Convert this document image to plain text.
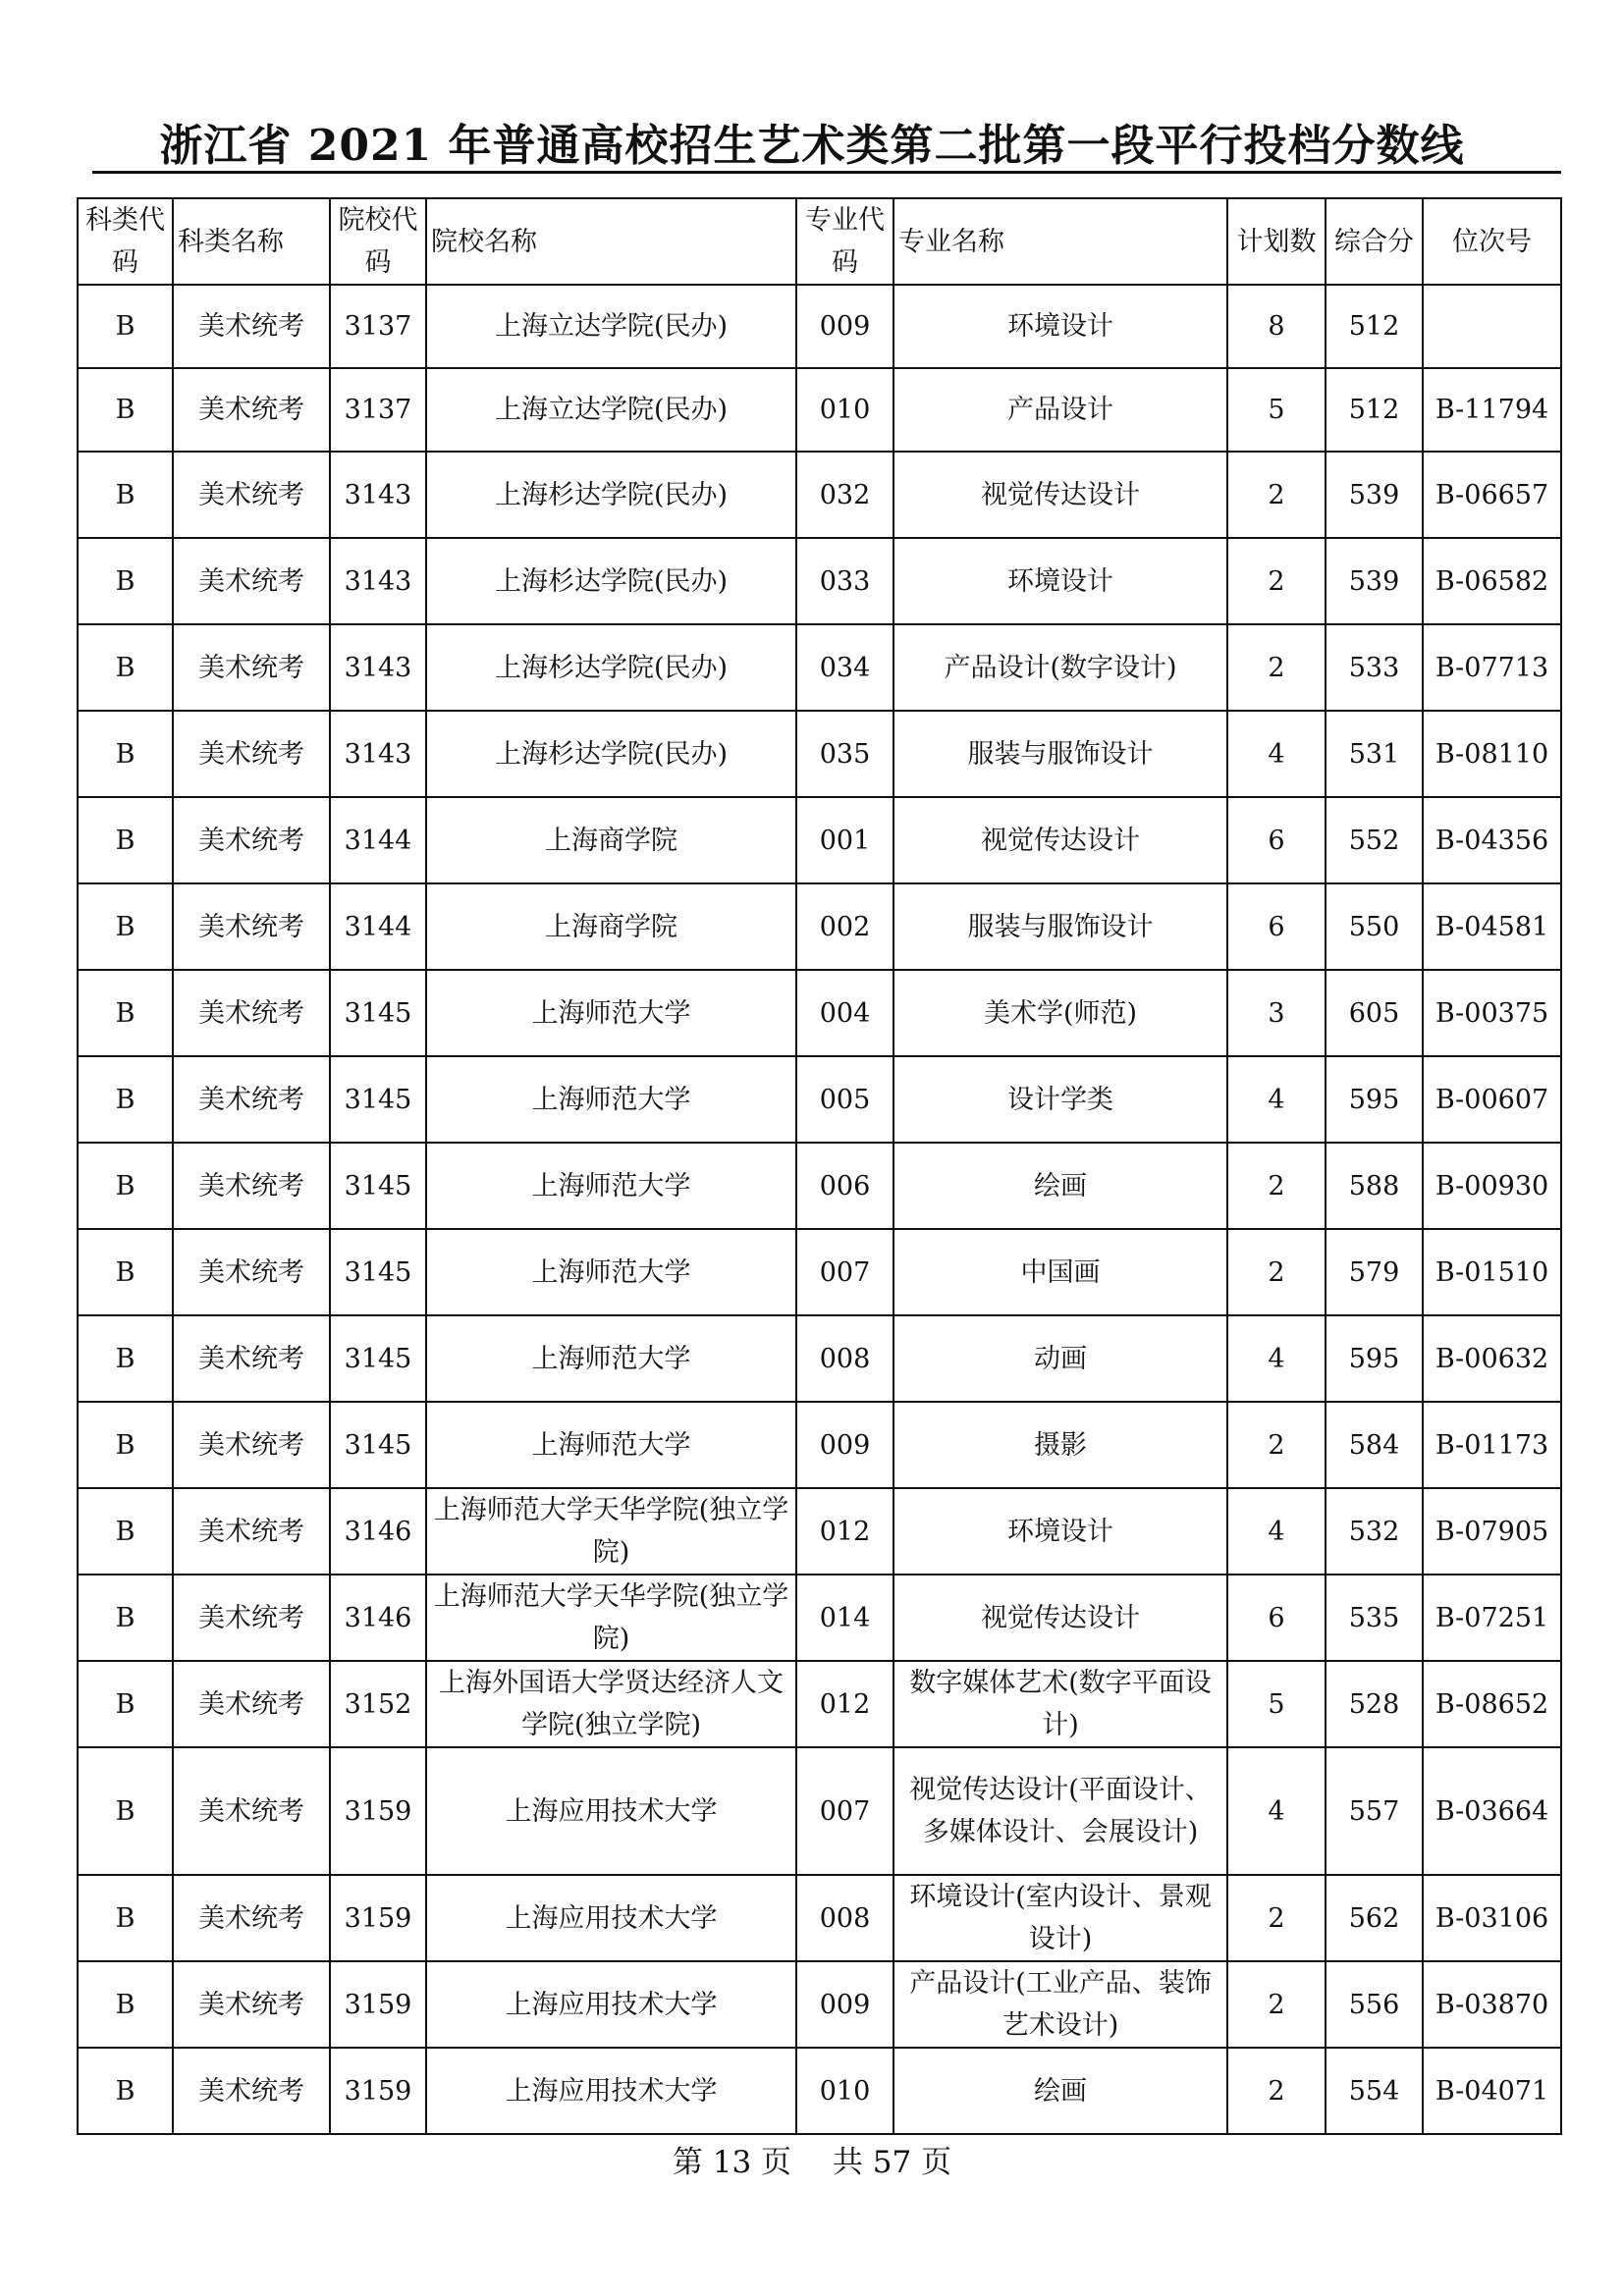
浙江省 2021 年普通高校招生艺术类第二批第一段平行投档分数线
科类代码	科类名称	院校代码	院校名称	专业代码	专业名称	计划数	综合分	位次号
B	美术统考	3137	上海立达学院(民办)	009	环境设计	8	512	
B	美术统考	3137	上海立达学院(民办)	010	产品设计	5	512	B-11794
B	美术统考	3143	上海杉达学院(民办)	032	视觉传达设计	2	539	B-06657
B	美术统考	3143	上海杉达学院(民办)	033	环境设计	2	539	B-06582
B	美术统考	3143	上海杉达学院(民办)	034	产品设计(数字设计)	2	533	B-07713
B	美术统考	3143	上海杉达学院(民办)	035	服装与服饰设计	4	531	B-08110
B	美术统考	3144	上海商学院	001	视觉传达设计	6	552	B-04356
B	美术统考	3144	上海商学院	002	服装与服饰设计	6	550	B-04581
B	美术统考	3145	上海师范大学	004	美术学(师范)	3	605	B-00375
B	美术统考	3145	上海师范大学	005	设计学类	4	595	B-00607
B	美术统考	3145	上海师范大学	006	绘画	2	588	B-00930
B	美术统考	3145	上海师范大学	007	中国画	2	579	B-01510
B	美术统考	3145	上海师范大学	008	动画	4	595	B-00632
B	美术统考	3145	上海师范大学	009	摄影	2	584	B-01173
B	美术统考	3146	上海师范大学天华学院(独立学院)	012	环境设计	4	532	B-07905
B	美术统考	3146	上海师范大学天华学院(独立学院)	014	视觉传达设计	6	535	B-07251
B	美术统考	3152	上海外国语大学贤达经济人文学院(独立学院)	012	数字媒体艺术(数字平面设计)	5	528	B-08652
B	美术统考	3159	上海应用技术大学	007	视觉传达设计(平面设计、多媒体设计、会展设计)	4	557	B-03664
B	美术统考	3159	上海应用技术大学	008	环境设计(室内设计、景观设计)	2	562	B-03106
B	美术统考	3159	上海应用技术大学	009	产品设计(工业产品、装饰艺术设计)	2	556	B-03870
B	美术统考	3159	上海应用技术大学	010	绘画	2	554	B-04071
第 13 页 共 57 页
